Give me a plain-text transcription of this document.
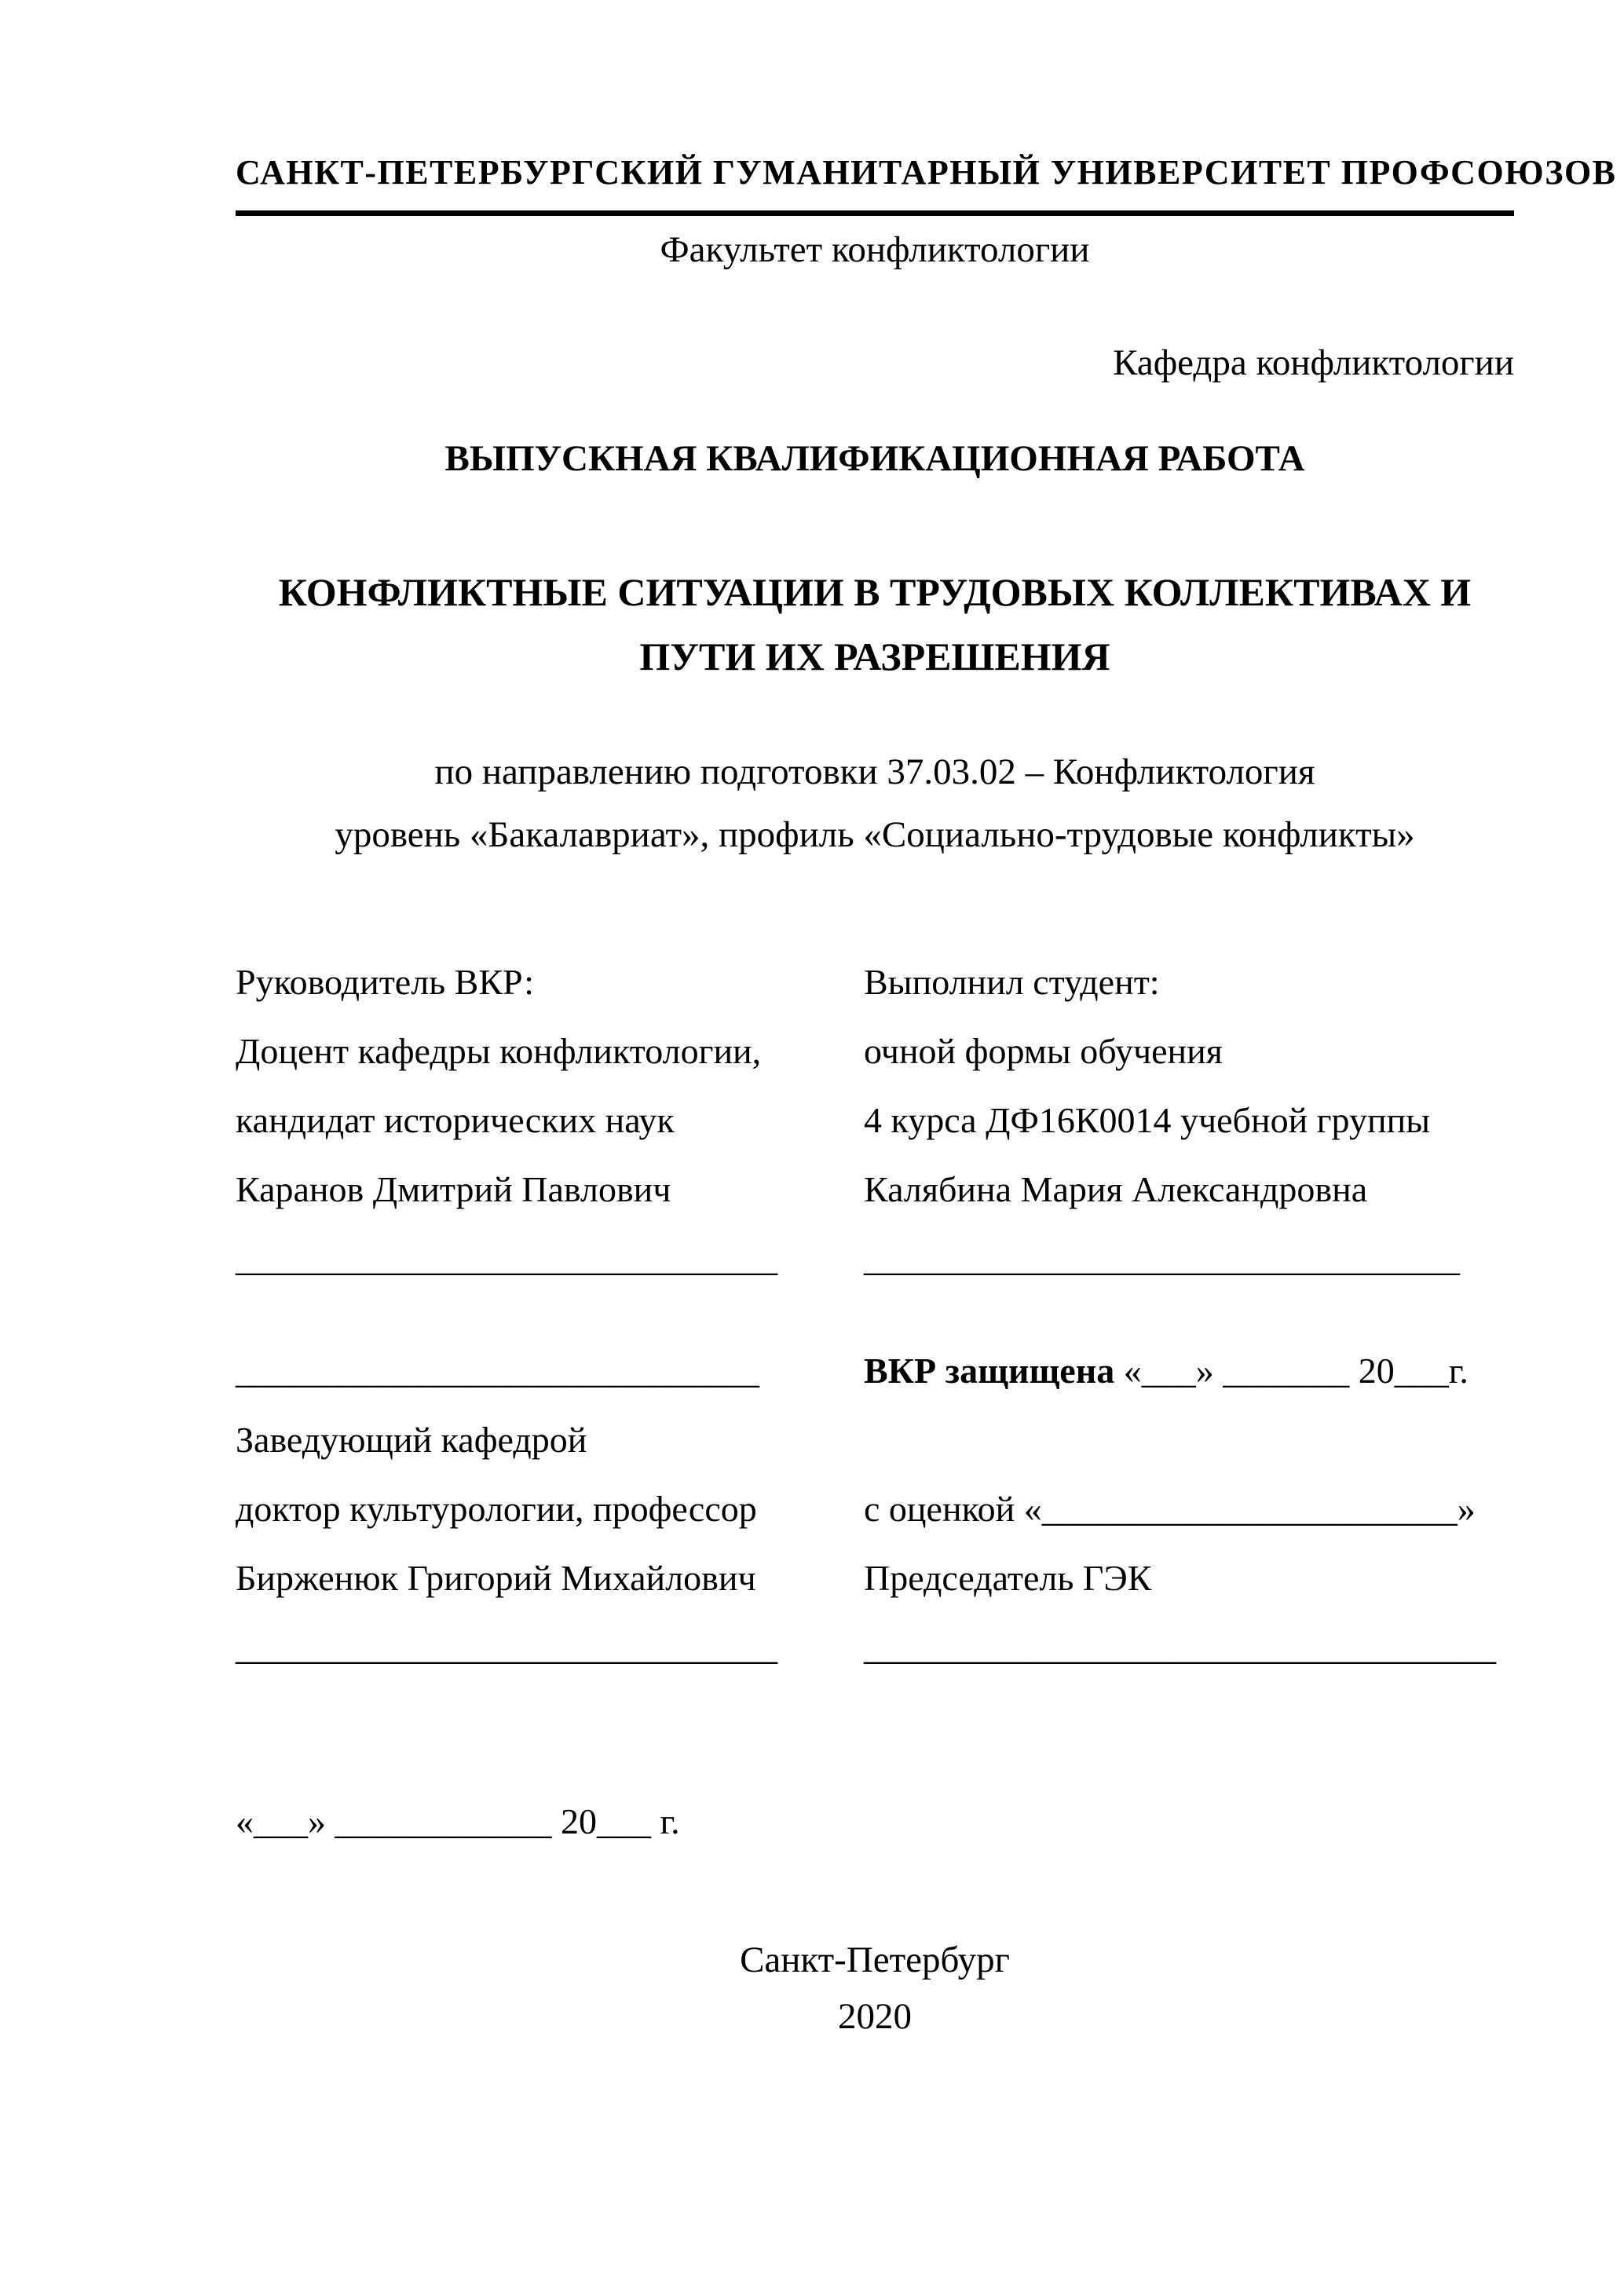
САНКТ-ПЕТЕРБУРГСКИЙ ГУМАНИТАРНЫЙ УНИВЕРСИТЕТ ПРОФСОЮЗОВ
Факультет конфликтологии
Кафедра конфликтологии
ВЫПУСКНАЯ КВАЛИФИКАЦИОННАЯ РАБОТА
КОНФЛИКТНЫЕ СИТУАЦИИ В ТРУДОВЫХ КОЛЛЕКТИВАХ И
ПУТИ ИХ РАЗРЕШЕНИЯ
по направлению подготовки 37.03.02 – Конфликтология
уровень «Бакалавриат», профиль «Социально-трудовые конфликты»
Руководитель ВКР:
Доцент кафедры конфликтологии,
кандидат исторических наук
Каранов Дмитрий Павлович
______________________________
Выполнил студент:
очной формы обучения
4 курса ДФ16К0014 учебной группы
Калябина Мария Александровна
_________________________________
_____________________________
Заведующий кафедрой
доктор культурологии, профессор
Бирженюк Григорий Михайлович
______________________________
ВКР защищена «___» _______ 20___г.
с оценкой «_______________________»
Председатель ГЭК
___________________________________
«___» ____________ 20___ г.
Санкт-Петербург
2020
